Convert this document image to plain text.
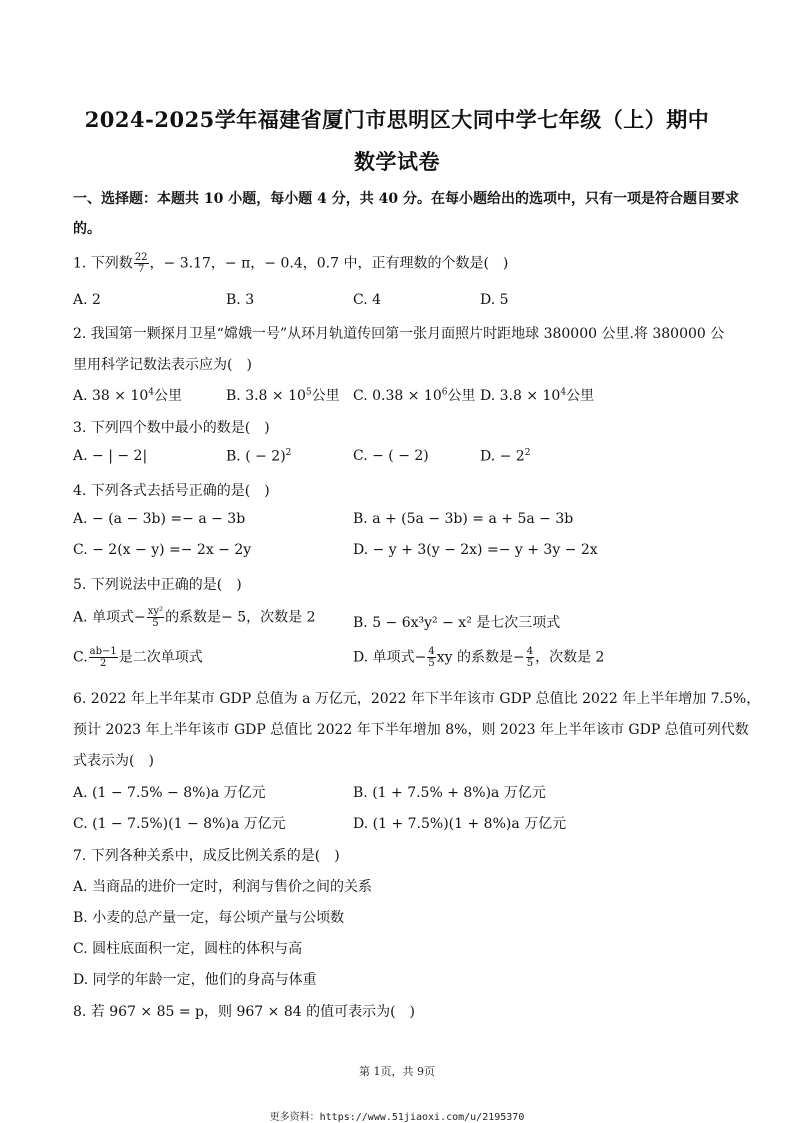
2024-2025学年福建省厦门市思明区大同中学七年级（上）期中
数学试卷
一、选择题：本题共 10 小题，每小题 4 分，共 40 分。在每小题给出的选项中，只有一项是符合题目要求
的。
1. 下列数 $\frac{22}{7}$ ，− 3.17，− π，− 0.4，0.7 中，正有理数的个数是(　)
A. 2	B. 3	C. 4	D. 5
2. 我国第一颗探月卫星“嫦娥一号”从环月轨道传回第一张月面照片时距地球 380000 公里.将 380000 公
里用科学记数法表示应为(　)
A. $38 \times 10^4$公里	B. $3.8 \times 10^5$公里 C. $0.38 \times 10^6$公里 D. $3.8 \times 10^4$公里
3. 下列四个数中最小的数是(　)
A. − | − 2|	B. ( − 2)$^2$	C. − ( − 2)	D. − $2^2$
4. 下列各式去括号正确的是(　)
A. − (a − 3b) =− a − 3b	B. a + (5a − 3b) = a + 5a − 3b
C. − 2(x − y) =− 2x − 2y	D. − y + 3(y − 2x) =− y + 3y − 2x
5. 下列说法中正确的是(　)
A. 单项式− $\frac{\text{xy²}}{5}$ 的系数是− 5，次数是 2	B. 5 − 6x³y² − x² 是七次三项式
C. $\frac{ab-1}{2}$ 是二次单项式	D. 单项式− $\frac{4}{5}$ xy 的系数是− $\frac{4}{5}$ ，次数是 2
6. 2022 年上半年某市 GDP 总值为 a 万亿元，2022 年下半年该市 GDP 总值比 2022 年上半年增加 7.5%，
预计 2023 年上半年该市 GDP 总值比 2022 年下半年增加 8%，则 2023 年上半年该市 GDP 总值可列代数
式表示为(　)
A. (1 − 7.5% − 8%)a 万亿元	B. (1 + 7.5% + 8%)a 万亿元
C. (1 − 7.5%)(1 − 8%)a 万亿元	D. (1 + 7.5%)(1 + 8%)a 万亿元
7. 下列各种关系中，成反比例关系的是(　)
A. 当商品的进价一定时，利润与售价之间的关系
B. 小麦的总产量一定，每公顷产量与公顷数
C. 圆柱底面积一定，圆柱的体积与高
D. 同学的年龄一定，他们的身高与体重
8. 若 967 × 85 = p，则 967 × 84 的值可表示为(　)
第 1页，共 9页
更多资料：https://www.51jiaoxi.com/u/2195370
